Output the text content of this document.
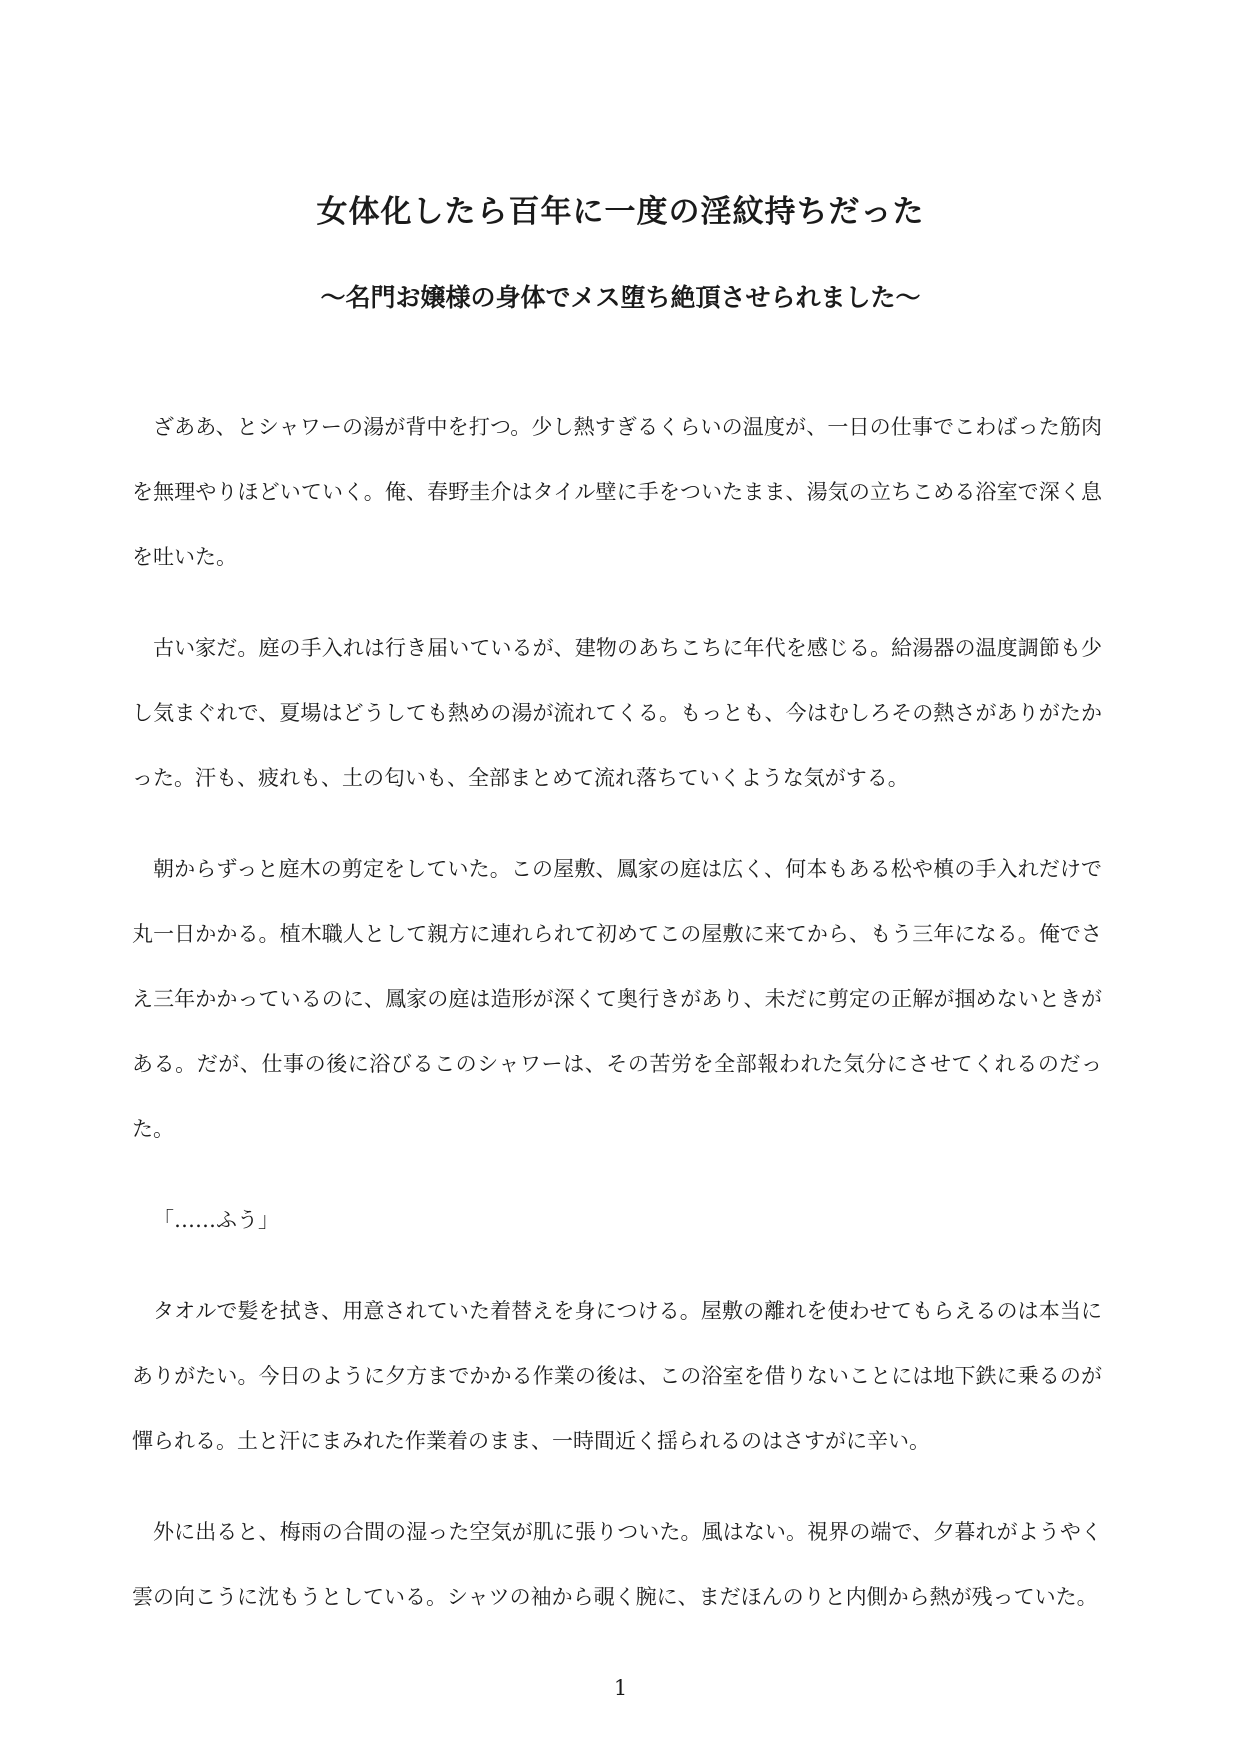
女体化したら百年に一度の淫紋持ちだった
〜名門お嬢様の身体でメス堕ち絶頂させられました〜

ざああ、とシャワーの湯が背中を打つ。少し熱すぎるくらいの温度が、一日の仕事でこわばった筋肉を無理やりほどいていく。俺、春野圭介はタイル壁に手をついたまま、湯気の立ちこめる浴室で深く息を吐いた。

古い家だ。庭の手入れは行き届いているが、建物のあちこちに年代を感じる。給湯器の温度調節も少し気まぐれで、夏場はどうしても熱めの湯が流れてくる。もっとも、今はむしろその熱さがありがたかった。汗も、疲れも、土の匂いも、全部まとめて流れ落ちていくような気がする。

朝からずっと庭木の剪定をしていた。この屋敷、鳳家の庭は広く、何本もある松や槙の手入れだけで丸一日かかる。植木職人として親方に連れられて初めてこの屋敷に来てから、もう三年になる。俺でさえ三年かかっているのに、鳳家の庭は造形が深くて奥行きがあり、未だに剪定の正解が掴めないときがある。だが、仕事の後に浴びるこのシャワーは、その苦労を全部報われた気分にさせてくれるのだった。

「……ふう」

タオルで髪を拭き、用意されていた着替えを身につける。屋敷の離れを使わせてもらえるのは本当にありがたい。今日のように夕方までかかる作業の後は、この浴室を借りないことには地下鉄に乗るのが憚られる。土と汗にまみれた作業着のまま、一時間近く揺られるのはさすがに辛い。

外に出ると、梅雨の合間の湿った空気が肌に張りついた。風はない。視界の端で、夕暮れがようやく雲の向こうに沈もうとしている。シャツの袖から覗く腕に、まだほんのりと内側から熱が残っていた。

1
